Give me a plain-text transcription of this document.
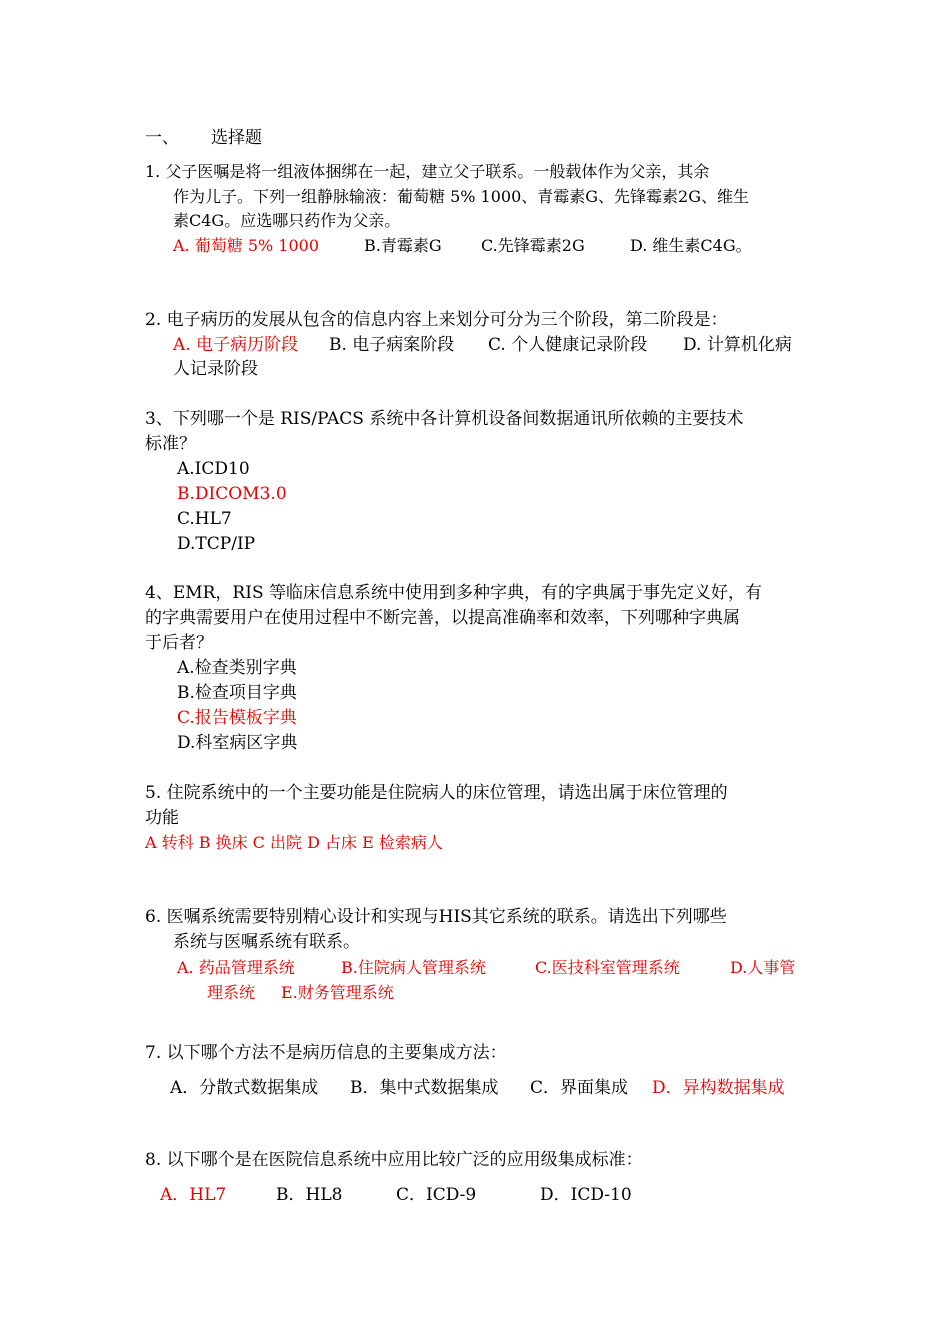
一、 选择题
1. 父子医嘱是将一组液体捆绑在一起，建立父子联系。一般载体作为父亲，其余
作为儿子。下列一组静脉输液：葡萄糖 5% 1000、青霉素G、先锋霉素2G、维生
素C4G。应选哪只药作为父亲。
A. 葡萄糖 5% 1000	B.青霉素G C.先锋霉素2G	D. 维生素C4G。
2. 电子病历的发展从包含的信息内容上来划分可分为三个阶段，第二阶段是：
A. 电子病历阶段 B. 电子病案阶段 C. 个人健康记录阶段 D. 计算机化病
人记录阶段
3、下列哪一个是 RIS/PACS 系统中各计算机设备间数据通讯所依赖的主要技术
标准？
A.ICD10
B.DICOM3.0
C.HL7
D.TCP/IP
4、EMR，RIS 等临床信息系统中使用到多种字典，有的字典属于事先定义好，有
的字典需要用户在使用过程中不断完善，以提高准确率和效率，下列哪种字典属
于后者？
A.检查类别字典
B.检查项目字典
C.报告模板字典
D.科室病区字典
5. 住院系统中的一个主要功能是住院病人的床位管理，请选出属于床位管理的
功能
A 转科 B 换床 C 出院 D 占床 E 检索病人
6. 医嘱系统需要特别精心设计和实现与HIS其它系统的联系。请选出下列哪些
系统与医嘱系统有联系。
A. 药品管理系统	B.住院病人管理系统	C.医技科室管理系统	D.人事管
理系统 E.财务管理系统
7. 以下哪个方法不是病历信息的主要集成方法：
A．分散式数据集成 B．集中式数据集成 C．界面集成 D．异构数据集成
8. 以下哪个是在医院信息系统中应用比较广泛的应用级集成标准：
A．HL7	B．HL8	C．ICD-9	D．ICD-10
